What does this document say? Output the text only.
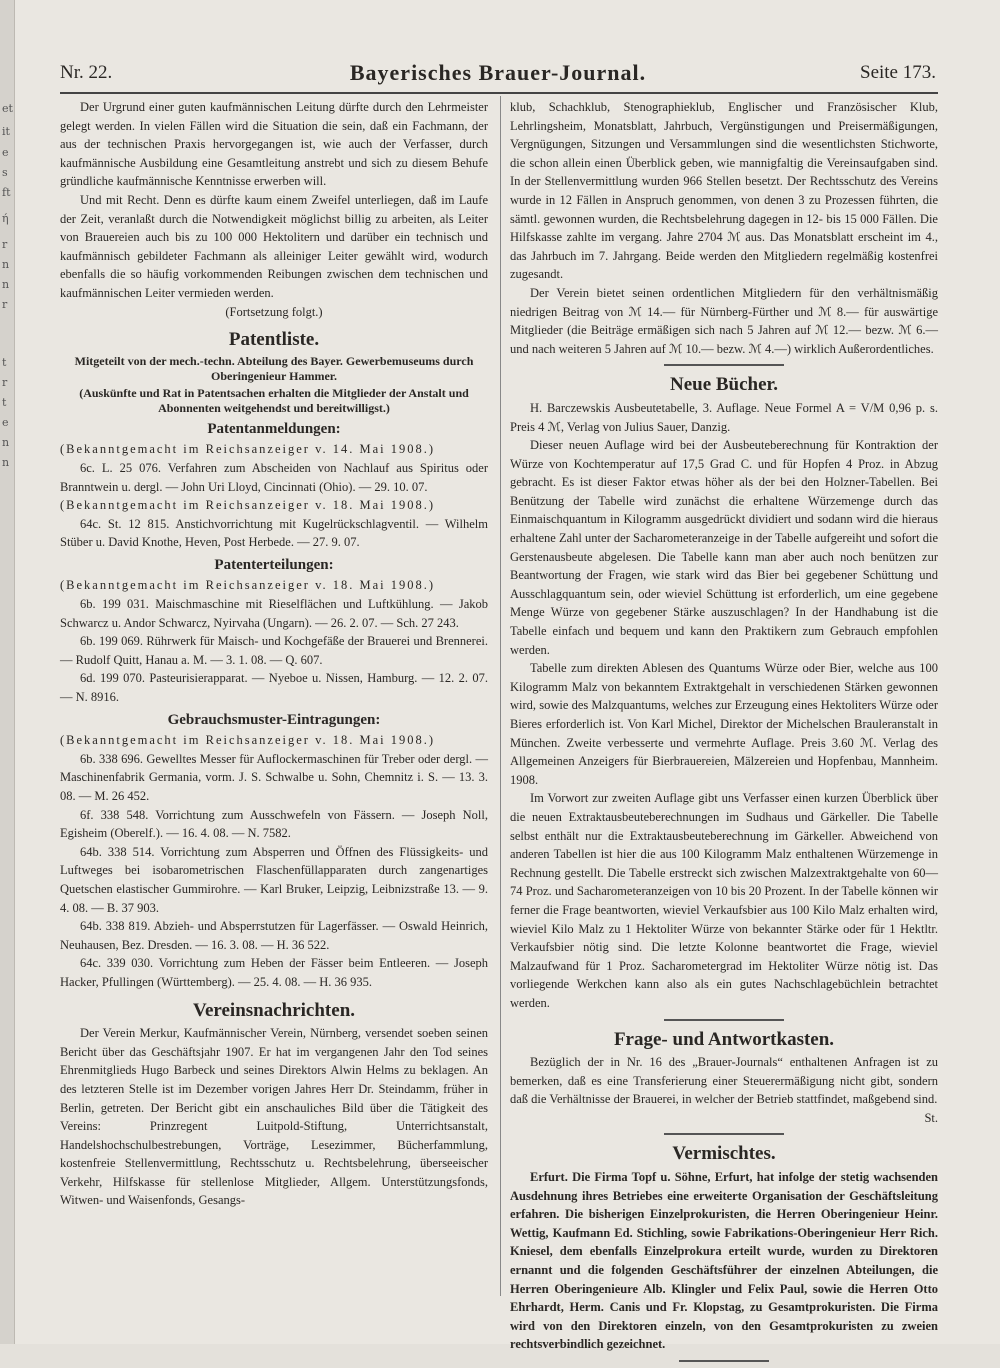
et
it
e
s
ft
ή
r
n
n
r
t
r
t
e
n
n
Nr. 22.	Bayerisches Brauer-Journal.	Seite 173.

Der Urgrund einer guten kaufmännischen Leitung dürfte durch den Lehrmeister gelegt werden. In vielen Fällen wird die Situation die sein, daß ein Fachmann, der aus der technischen Praxis hervorgegangen ist, wie auch der Verfasser, durch kaufmännische Ausbildung eine Gesamtleitung anstrebt und sich zu diesem Behufe gründliche kaufmännische Kenntnisse erwerben will.

Und mit Recht. Denn es dürfte kaum einem Zweifel unterliegen, daß im Laufe der Zeit, veranlaßt durch die Notwendigkeit möglichst billig zu arbeiten, als Leiter von Brauereien auch bis zu 100 000 Hektolitern und darüber ein technisch und kaufmännisch gebildeter Fachmann als alleiniger Leiter gewählt wird, wodurch ebenfalls die so häufig vorkommenden Reibungen zwischen dem technischen und kaufmännischen Leiter vermieden werden.

(Fortsetzung folgt.)

Patentliste.
Mitgeteilt von der mech.-techn. Abteilung des Bayer. Gewerbemuseums durch Oberingenieur Hammer.
(Auskünfte und Rat in Patentsachen erhalten die Mitglieder der Anstalt und Abonnenten weitgehendst und bereitwilligst.)
Patentanmeldungen:

(Bekanntgemacht im Reichsanzeiger v. 14. Mai 1908.)

6c. L. 25 076. Verfahren zum Abscheiden von Nachlauf aus Spiritus oder Branntwein u. dergl. — John Uri Lloyd, Cincinnati (Ohio). — 29. 10. 07.

(Bekanntgemacht im Reichsanzeiger v. 18. Mai 1908.)

64c. St. 12 815. Anstichvorrichtung mit Kugelrückschlagventil. — Wilhelm Stüber u. David Knothe, Heven, Post Herbede. — 27. 9. 07.

Patenterteilungen:

(Bekanntgemacht im Reichsanzeiger v. 18. Mai 1908.)

6b. 199 031. Maischmaschine mit Rieselflächen und Luftkühlung. — Jakob Schwarcz u. Andor Schwarcz, Nyirvaha (Ungarn). — 26. 2. 07. — Sch. 27 243.

6b. 199 069. Rührwerk für Maisch- und Kochgefäße der Brauerei und Brennerei. — Rudolf Quitt, Hanau a. M. — 3. 1. 08. — Q. 607.

6d. 199 070. Pasteurisierapparat. — Nyeboe u. Nissen, Hamburg. — 12. 2. 07. — N. 8916.

Gebrauchsmuster-Eintragungen:

(Bekanntgemacht im Reichsanzeiger v. 18. Mai 1908.)

6b. 338 696. Gewelltes Messer für Auflockermaschinen für Treber oder dergl. — Maschinenfabrik Germania, vorm. J. S. Schwalbe u. Sohn, Chemnitz i. S. — 13. 3. 08. — M. 26 452.

6f. 338 548. Vorrichtung zum Ausschwefeln von Fässern. — Joseph Noll, Egisheim (Oberelf.). — 16. 4. 08. — N. 7582.

64b. 338 514. Vorrichtung zum Absperren und Öffnen des Flüssigkeits- und Luftweges bei isobarometrischen Flaschenfüllapparaten durch zangenartiges Quetschen elastischer Gummirohre. — Karl Bruker, Leipzig, Leibnizstraße 13. — 9. 4. 08. — B. 37 903.

64b. 338 819. Abzieh- und Absperrstutzen für Lagerfässer. — Oswald Heinrich, Neuhausen, Bez. Dresden. — 16. 3. 08. — H. 36 522.

64c. 339 030. Vorrichtung zum Heben der Fässer beim Entleeren. — Joseph Hacker, Pfullingen (Württemberg). — 25. 4. 08. — H. 36 935.

Vereinsnachrichten.

Der Verein Merkur, Kaufmännischer Verein, Nürnberg, versendet soeben seinen Bericht über das Geschäftsjahr 1907. Er hat im vergangenen Jahr den Tod seines Ehrenmitglieds Hugo Barbeck und seines Direktors Alwin Helms zu beklagen. An des letzteren Stelle ist im Dezember vorigen Jahres Herr Dr. Steindamm, früher in Berlin, getreten. Der Bericht gibt ein anschauliches Bild über die Tätigkeit des Vereins: Prinzregent Luitpold-Stiftung, Unterrichtsanstalt, Handelshochschulbestrebungen, Vorträge, Lesezimmer, Bücherfammlung, kostenfreie Stellenvermittlung, Rechtsschutz u. Rechtsbelehrung, überseeischer Verkehr, Hilfskasse für stellenlose Mitglieder, Allgem. Unterstützungsfonds, Witwen- und Waisenfonds, Gesangs-

klub, Schachklub, Stenographieklub, Englischer und Französischer Klub, Lehrlingsheim, Monatsblatt, Jahrbuch, Vergünstigungen und Preisermäßigungen, Vergnügungen, Sitzungen und Versammlungen sind die wesentlichsten Stichworte, die schon allein einen Überblick geben, wie mannigfaltig die Vereinsaufgaben sind. In der Stellenvermittlung wurden 966 Stellen besetzt. Der Rechtsschutz des Vereins wurde in 12 Fällen in Anspruch genommen, von denen 3 zu Prozessen führten, die sämtl. gewonnen wurden, die Rechtsbelehrung dagegen in 12- bis 15 000 Fällen. Die Hilfskasse zahlte im vergang. Jahre 2704 ℳ aus. Das Monatsblatt erscheint im 4., das Jahrbuch im 7. Jahrgang. Beide werden den Mitgliedern regelmäßig kostenfrei zugesandt.

Der Verein bietet seinen ordentlichen Mitgliedern für den verhältnismäßig niedrigen Beitrag von ℳ 14.— für Nürnberg-Fürther und ℳ 8.— für auswärtige Mitglieder (die Beiträge ermäßigen sich nach 5 Jahren auf ℳ 12.— bezw. ℳ 6.— und nach weiteren 5 Jahren auf ℳ 10.— bezw. ℳ 4.—) wirklich Außerordentliches.

Neue Bücher.

H. Barczewskis Ausbeutetabelle, 3. Auflage. Neue Formel A = V/M 0,96 p. s. Preis 4 ℳ, Verlag von Julius Sauer, Danzig.

Dieser neuen Auflage wird bei der Ausbeuteberechnung für Kontraktion der Würze von Kochtemperatur auf 17,5 Grad C. und für Hopfen 4 Proz. in Abzug gebracht. Es ist dieser Faktor etwas höher als der bei den Holzner-Tabellen. Bei Benützung der Tabelle wird zunächst die erhaltene Würzemenge durch das Einmaischquantum in Kilogramm ausgedrückt dividiert und sodann wird die hieraus erhaltene Zahl unter der Sacharometeranzeige in der Tabelle aufgereiht und sofort die Gerstenausbeute abgelesen. Die Tabelle kann man aber auch noch benützen zur Beantwortung der Fragen, wie stark wird das Bier bei gegebener Schüttung und Ausschlagquantum sein, oder wieviel Schüttung ist erforderlich, um eine gegebene Menge Würze von gegebener Stärke auszuschlagen? In der Handhabung ist die Tabelle einfach und bequem und kann den Praktikern zum Gebrauch empfohlen werden.

Tabelle zum direkten Ablesen des Quantums Würze oder Bier, welche aus 100 Kilogramm Malz von bekanntem Extraktgehalt in verschiedenen Stärken gewonnen wird, sowie des Malzquantums, welches zur Erzeugung eines Hektoliters Würze oder Bieres erforderlich ist. Von Karl Michel, Direktor der Michelschen Brauleranstalt in München. Zweite verbesserte und vermehrte Auflage. Preis 3.60 ℳ. Verlag des Allgemeinen Anzeigers für Bierbrauereien, Mälzereien und Hopfenbau, Mannheim. 1908.

Im Vorwort zur zweiten Auflage gibt uns Verfasser einen kurzen Überblick über die neuen Extraktausbeuteberechnungen im Sudhaus und Gärkeller. Die Tabelle selbst enthält nur die Extraktausbeuteberechnung im Gärkeller. Abweichend von anderen Tabellen ist hier die aus 100 Kilogramm Malz enthaltenen Würzemenge in Rechnung gestellt. Die Tabelle erstreckt sich zwischen Malzextraktgehalte von 60—74 Proz. und Sacharometeranzeigen von 10 bis 20 Prozent. In der Tabelle können wir ferner die Frage beantworten, wieviel Verkaufsbier aus 100 Kilo Malz erhalten wird, wieviel Kilo Malz zu 1 Hektoliter Würze von bekannter Stärke oder für 1 Hektltr. Verkaufsbier nötig sind. Die letzte Kolonne beantwortet die Frage, wieviel Malzaufwand für 1 Proz. Sacharometergrad im Hektoliter Würze nötig ist. Das vorliegende Werkchen kann also als ein gutes Nachschlagebüchlein betrachtet werden.

Frage- und Antwortkasten.

Bezüglich der in Nr. 16 des „Brauer-Journals“ enthaltenen Anfragen ist zu bemerken, daß es eine Transferierung einer Steuerermäßigung nicht gibt, sondern daß die Verhältnisse der Brauerei, in welcher der Betrieb stattfindet, maßgebend sind.

St.
Vermischtes.

Erfurt. Die Firma Topf u. Söhne, Erfurt, hat infolge der stetig wachsenden Ausdehnung ihres Betriebes eine erweiterte Organisation der Geschäftsleitung erfahren. Die bisherigen Einzelprokuristen, die Herren Oberingenieur Heinr. Wettig, Kaufmann Ed. Stichling, sowie Fabrikations-Oberingenieur Herr Rich. Kniesel, dem ebenfalls Einzelprokura erteilt wurde, wurden zu Direktoren ernannt und die folgenden Geschäftsführer der einzelnen Abteilungen, die Herren Oberingenieure Alb. Klingler und Felix Paul, sowie die Herren Otto Ehrhardt, Herm. Canis und Fr. Klopstag, zu Gesamtprokuristen. Die Firma wird von den Direktoren einzeln, von den Gesamtprokuristen zu zweien rechtsverbindlich gezeichnet.
